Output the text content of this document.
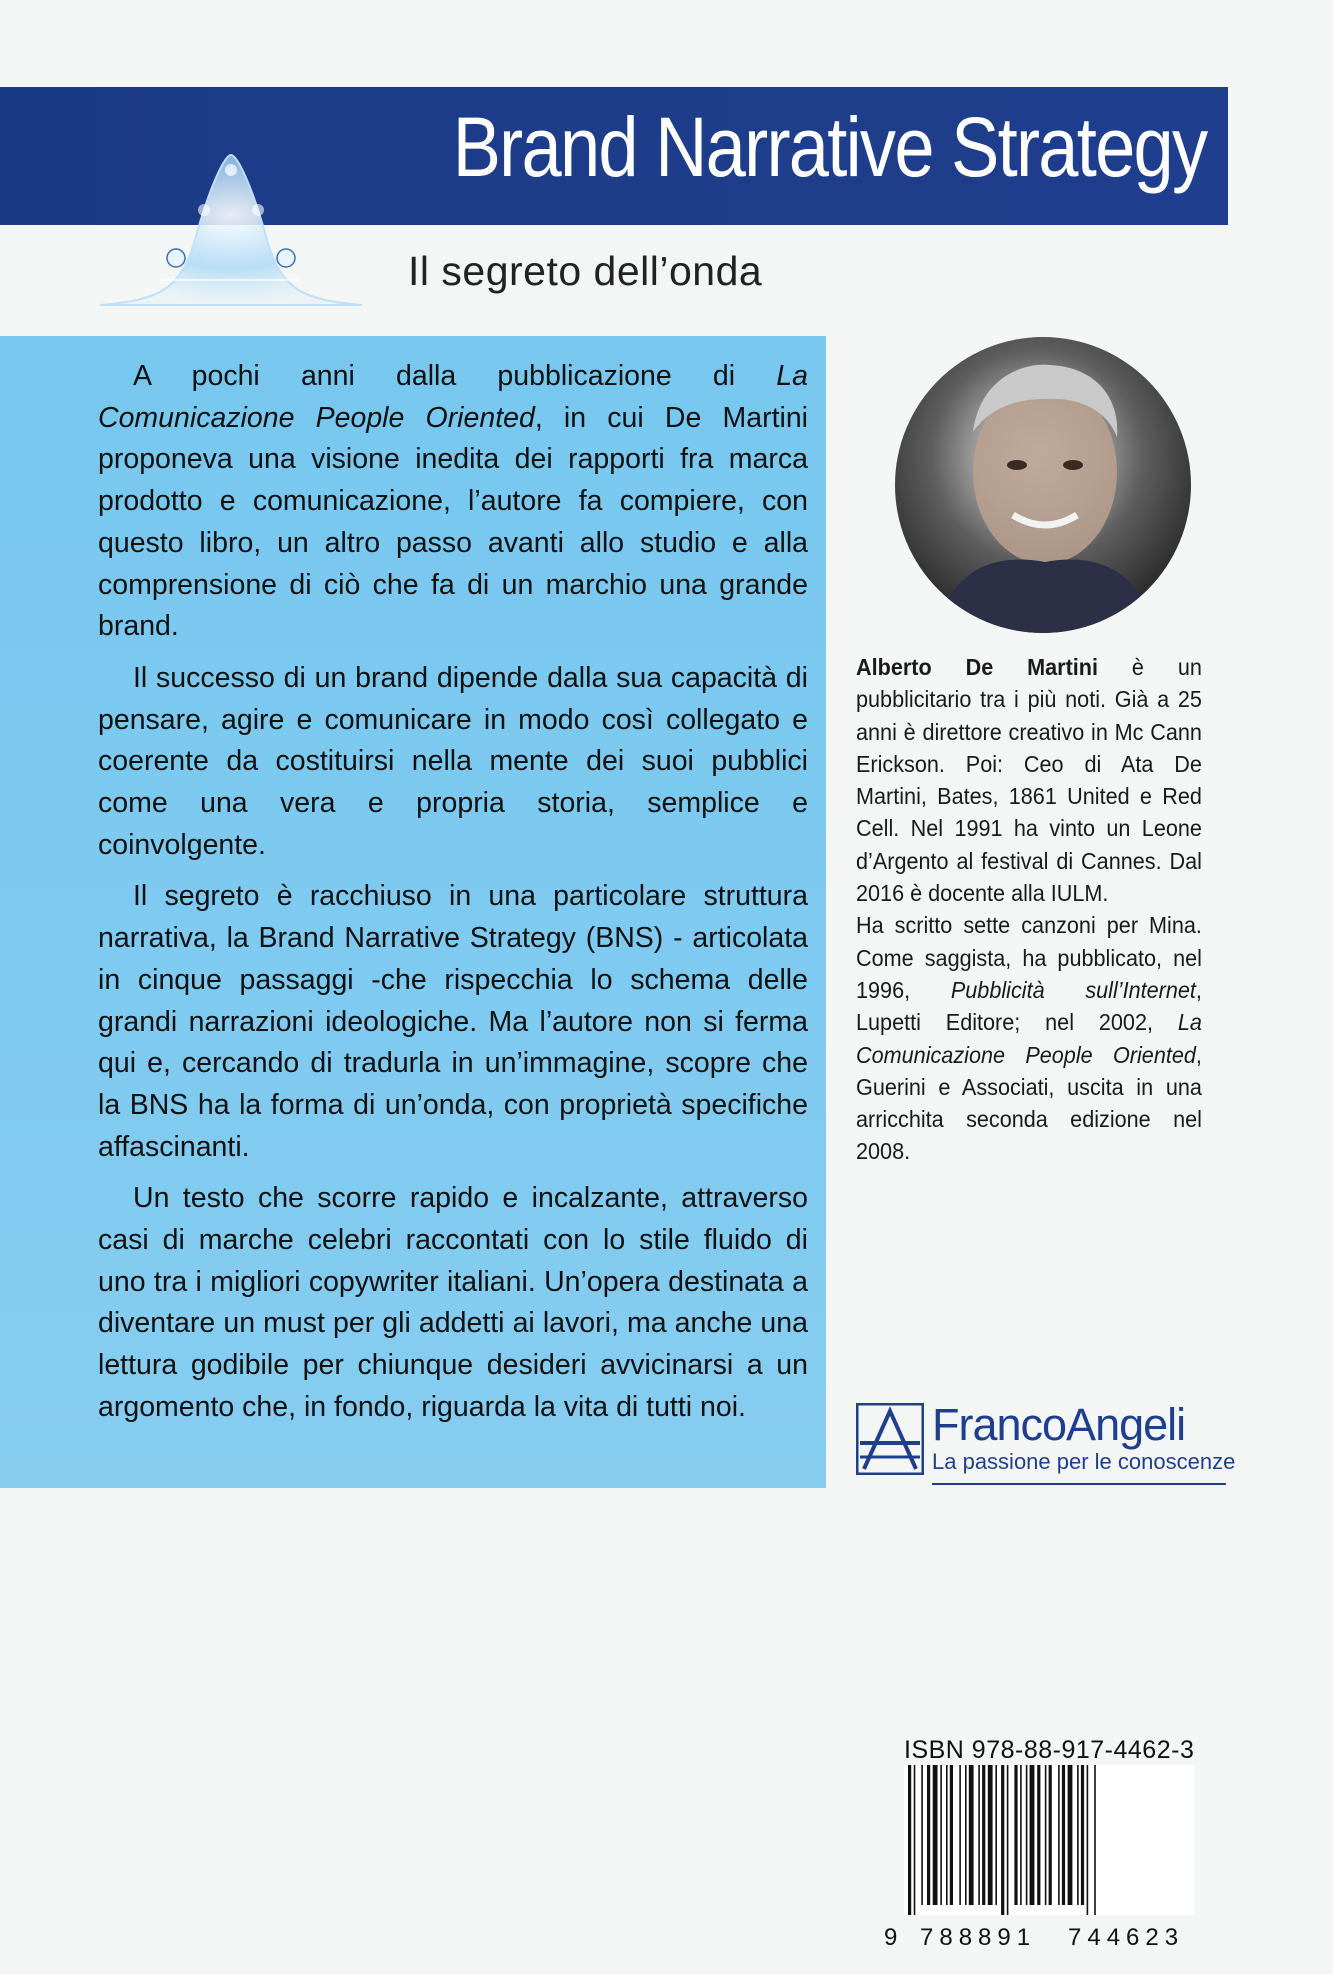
Brand Narrative Strategy
Il segreto dell’onda

A pochi anni dalla pubblicazione di La Comunicazione People Oriented, in cui De Martini proponeva una visione inedita dei rapporti fra marca prodotto e comunicazione, l’autore fa compiere, con questo libro, un altro passo avanti allo studio e alla comprensione di ciò che fa di un marchio una grande brand.

Il successo di un brand dipende dalla sua capacità di pensare, agire e comunicare in modo così collegato e coerente da costituirsi nella mente dei suoi pubblici come una vera e propria storia, semplice e coinvolgente.

Il segreto è racchiuso in una particolare struttura narrativa, la Brand Narrative Strategy (BNS) - articolata in cinque passaggi -che rispecchia lo schema delle grandi narrazioni ideologiche. Ma l’autore non si ferma qui e, cercando di tradurla in un’immagine, scopre che la BNS ha la forma di un’onda, con proprietà specifiche affascinanti.

Un testo che scorre rapido e incalzante, attraverso casi di marche celebri raccontati con lo stile fluido di uno tra i migliori copywriter italiani. Un’opera destinata a diventare un must per gli addetti ai lavori, ma anche una lettura godibile per chiunque desideri avvicinarsi a un argomento che, in fondo, riguarda la vita di tutti noi.

Alberto De Martini è un pubblicitario tra i più noti. Già a 25 anni è direttore creativo in Mc Cann Erickson. Poi: Ceo di Ata De Martini, Bates, 1861 United e Red Cell. Nel 1991 ha vinto un Leone d’Argento al festival di Cannes. Dal 2016 è docente alla IULM.

Ha scritto sette canzoni per Mina. Come saggista, ha pubblicato, nel 1996, Pubblicità sull’Internet, Lupetti Editore; nel 2002, La Comunicazione People Oriented, Guerini e Associati, uscita in una arricchita seconda edizione nel 2008.

FrancoAngeli
La passione per le conoscenze
ISBN 978-88-917-4462-3
9 788891 744623
